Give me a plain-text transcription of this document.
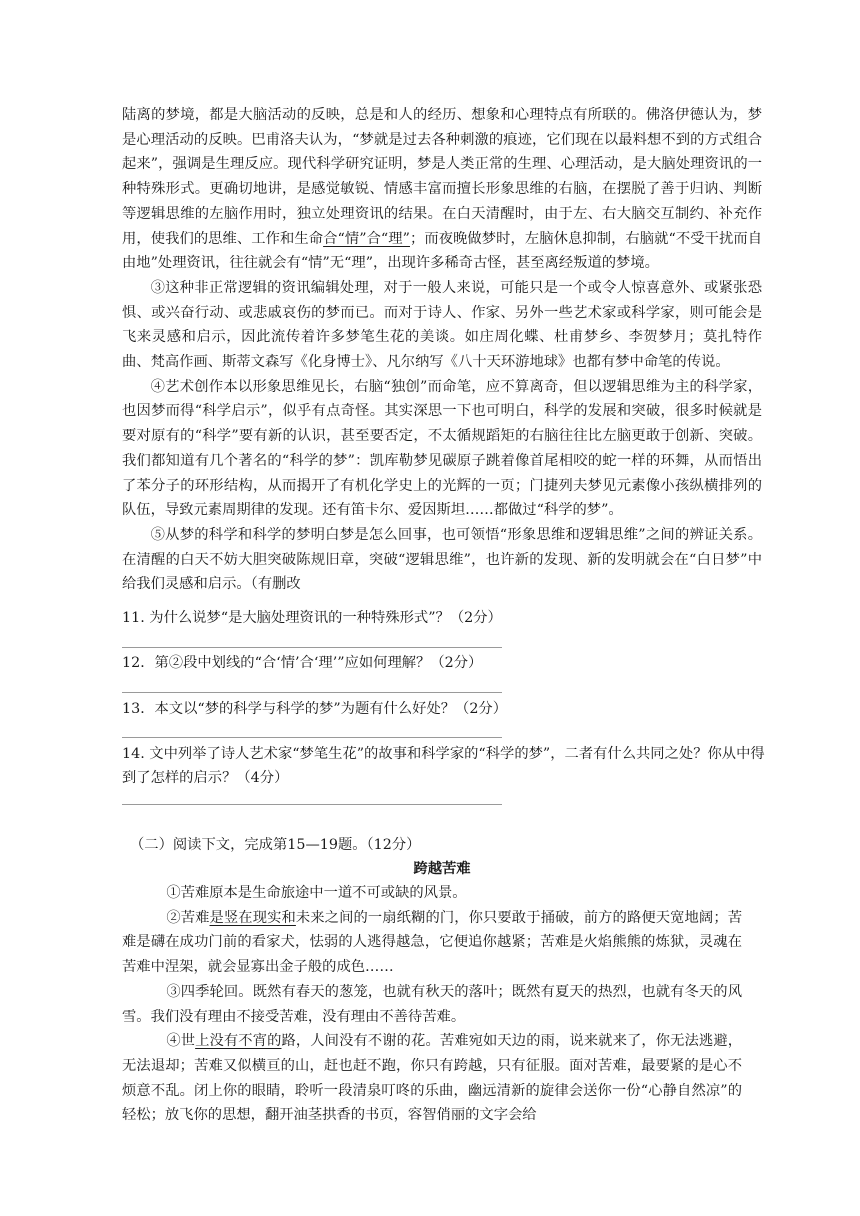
陆离的梦境，都是大脑活动的反映，总是和人的经历、想象和心理特点有所联的。佛洛伊德认为，梦是心理活动的反映。巴甫洛夫认为，“梦就是过去各种刺激的痕迹，它们现在以最料想不到的方式组合起来”，强调是生理反应。现代科学研究证明，梦是人类正常的生理、心理活动，是大脑处理资讯的一种特殊形式。更确切地讲，是感觉敏锐、情感丰富而擅长形象思维的右脑，在摆脱了善于归讷、判断等逻辑思维的左脑作用时，独立处理资讯的结果。在白天清醒时，由于左、右大脑交互制约、补充作用，使我们的思维、工作和生命合“情”合“理”；而夜晚做梦时，左脑休息抑制，右脑就“不受干扰而自由地”处理资讯，往往就会有“情”无“理”，出现许多稀奇古怪，甚至离经叛道的梦境。

③这种非正常逻辑的资讯编辑处理，对于一般人来说，可能只是一个或令人惊喜意外、或紧张恐惧、或兴奋行动、或悲戚哀伤的梦而已。而对于诗人、作家、另外一些艺术家或科学家，则可能会是飞来灵感和启示，因此流传着许多梦笔生花的美谈。如庄周化蝶、杜甫梦乡、李贺梦月；莫扎特作曲、梵高作画、斯蒂文森写《化身博士》、凡尔纳写《八十天环游地球》也都有梦中命笔的传说。

④艺术创作本以形象思维见长，右脑“独创”而命笔，应不算离奇，但以逻辑思维为主的科学家，也因梦而得“科学启示”，似乎有点奇怪。其实深思一下也可明白，科学的发展和突破，很多时候就是要对原有的“科学”要有新的认识，甚至要否定，不太循规蹈矩的右脑往往比左脑更敢于创新、突破。我们都知道有几个著名的“科学的梦”：凯库勒梦见碳原子跳着像首尾相咬的蛇一样的环舞，从而悟出了苯分子的环形结构，从而揭开了有机化学史上的光辉的一页；门捷列夫梦见元素像小孩纵横排列的队伍，导致元素周期律的发现。还有笛卡尔、爱因斯坦……都做过“科学的梦”。

⑤从梦的科学和科学的梦明白梦是怎么回事，也可领悟“形象思维和逻辑思维”之间的辨证关系。在清醒的白天不妨大胆突破陈规旧章，突破“逻辑思维”，也许新的发现、新的发明就会在“白日梦”中给我们灵感和启示。（有删改

11. 为什么说梦“是大脑处理资讯的一种特殊形式”？（2分）

12．第②段中划线的“合‘情’合‘理’”应如何理解？（2分）

13．本文以“梦的科学与科学的梦”为题有什么好处？（2分）

14. 文中列举了诗人艺术家“梦笔生花”的故事和科学家的“科学的梦”，二者有什么共同之处？你从中得到了怎样的启示？（4分）

（二）阅读下文，完成第15—19题。（12分）

跨越苦难

①苦难原本是生命旅途中一道不可或缺的风景。

②苦难是竖在现实和未来之间的一扇纸糊的门，你只要敢于捅破，前方的路便天宽地阔；苦难是礴在成功门前的看家犬，怯弱的人逃得越急，它便追你越紧；苦难是火焰熊熊的炼狱，灵魂在苦难中涅架，就会显寡出金子般的成色……

③四季轮回。既然有春天的葱笼，也就有秋天的落叶；既然有夏天的热烈，也就有冬天的风雪。我们没有理由不接受苦难，没有理由不善待苦难。

④世上没有不宵的路，人间没有不谢的花。苦难宛如天边的雨，说来就来了，你无法逃避，无法退却；苦难又似横亘的山，赶也赶不跑，你只有跨越，只有征服。面对苦难，最要紧的是心不烦意不乱。闭上你的眼睛，聆听一段清泉叮咚的乐曲，幽远清新的旋律会送你一份“心静自然凉”的轻松；放飞你的思想，翻开油茎拱香的书页，容智俏丽的文字会给
